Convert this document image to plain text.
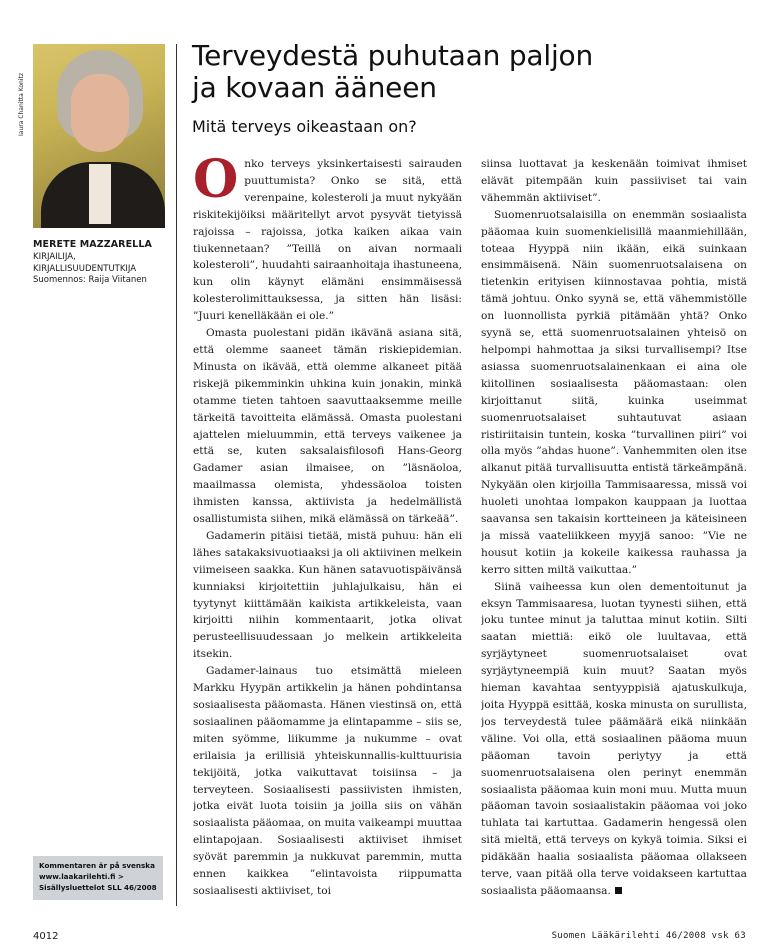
Iaura Chanitta Konitz
MERETE MAZZARELLA
KIRJAILIJA,
KIRJALLISUUDENTUTKIJA
Suomennos: Raija Viitanen
Kommentaren är på svenska
www.laakarilehti.fi >
Sisällysluettelot SLL 46/2008
Terveydestä puhutaan paljon
ja kovaan ääneen
Mitä terveys oikeastaan on?

Onko terveys yksinkertaisesti sairauden puuttumista? Onko se sitä, että verenpaine, kolesteroli ja muut nykyään riskitekijöiksi määritellyt arvot pysyvät tietyissä rajoissa – rajoissa, jotka kaiken aikaa vain tiukennetaan? ”Teillä on aivan normaali kolesteroli”, huudahti sairaanhoitaja ihastuneena, kun olin käynyt elämäni ensimmäisessä kolesterolimittauksessa, ja sitten hän lisäsi: ”Juuri kenelläkään ei ole.”

Omasta puolestani pidän ikävänä asiana sitä, että olemme saaneet tämän riskiepidemian. Minusta on ikävää, että olemme alkaneet pitää riskejä pikemminkin uhkina kuin jonakin, minkä otamme tieten tahtoen saavuttaaksemme meille tärkeitä tavoitteita elämässä. Omasta puolestani ajattelen mieluummin, että terveys vaikenee ja että se, kuten saksalaisfilosofi Hans-Georg Gadamer asian ilmaisee, on ”läsnäoloa, maailmassa olemista, yhdessäoloa toisten ihmisten kanssa, aktiivista ja hedelmällistä osallistumista siihen, mikä elämässä on tärkeää”.

Gadamerin pitäisi tietää, mistä puhuu: hän eli lähes satakaksivuotiaaksi ja oli aktiivinen melkein viimeiseen saakka. Kun hänen satavuotispäivänsä kunniaksi kirjoitettiin juhlajulkaisu, hän ei tyytynyt kiittämään kaikista artikkeleista, vaan kirjoitti niihin kommentaarit, jotka olivat perusteellisuudessaan jo melkein artikkeleita itsekin.

Gadamer-lainaus tuo etsimättä mieleen Markku Hyypän artikkelin ja hänen pohdintansa sosiaalisesta pääomasta. Hänen viestinsä on, että sosiaalinen pääomamme ja elintapamme – siis se, miten syömme, liikumme ja nukumme – ovat erilaisia ja erillisiä yhteiskunnallis-kulttuurisia tekijöitä, jotka vaikuttavat toisiinsa – ja terveyteen. Sosiaalisesti passiivisten ihmisten, jotka eivät luota toisiin ja joilla siis on vähän sosiaalista pääomaa, on muita vaikeampi muuttaa elintapojaan. Sosiaalisesti aktiiviset ihmiset syövät paremmin ja nukkuvat paremmin, mutta ennen kaikkea ”elintavoista riippumatta sosiaalisesti aktiiviset, toi

siinsa luottavat ja keskenään toimivat ihmiset elävät pitempään kuin passiiviset tai vain vähemmän aktiiviset”.

Suomenruotsalaisilla on enemmän sosiaalista pääomaa kuin suomenkielisillä maanmiehillään, toteaa Hyyppä niin ikään, eikä suinkaan ensimmäisenä. Näin suomenruotsalaisena on tietenkin erityisen kiinnostavaa pohtia, mistä tämä johtuu. Onko syynä se, että vähemmistölle on luonnollista pyrkiä pitämään yhtä? Onko syynä se, että suomenruotsalainen yhteisö on helpompi hahmottaa ja siksi turvallisempi? Itse asiassa suomenruotsalainenkaan ei aina ole kiitollinen sosiaalisesta pääomastaan: olen kirjoittanut siitä, kuinka useimmat suomenruotsalaiset suhtautuvat asiaan ristiriitaisin tuntein, koska ”turvallinen piiri” voi olla myös ”ahdas huone”. Vanhemmiten olen itse alkanut pitää turvallisuutta entistä tärkeämpänä. Nykyään olen kirjoilla Tammisaaressa, missä voi huoleti unohtaa lompakon kauppaan ja luottaa saavansa sen takaisin kortteineen ja käteisineen ja missä vaateliikkeen myyjä sanoo: ”Vie ne housut kotiin ja kokeile kaikessa rauhassa ja kerro sitten miltä vaikuttaa.”

Siinä vaiheessa kun olen dementoitunut ja eksyn Tammisaaresa, luotan tyynesti siihen, että joku tuntee minut ja taluttaa minut kotiin. Silti saatan miettiä: eikö ole luultavaa, että syrjäytyneet suomenruotsalaiset ovat syrjäytyneempiä kuin muut? Saatan myös hieman kavahtaa sentyyppisiä ajatuskulkuja, joita Hyyppä esittää, koska minusta on surullista, jos terveydestä tulee päämäärä eikä niinkään väline. Voi olla, että sosiaalinen pääoma muun pääoman tavoin periytyy ja että suomenruotsalaisena olen perinyt enemmän sosiaalista pääomaa kuin moni muu. Mutta muun pääoman tavoin sosiaalistakin pääomaa voi joko tuhlata tai kartuttaa. Gadamerin hengessä olen sitä mieltä, että terveys on kykyä toimia. Siksi ei pidäkään haalia sosiaalista pääomaa ollakseen terve, vaan pitää olla terve voidakseen kartuttaa sosiaalista pääomaansa.

4012	Suomen Lääkärilehti 46/2008 vsk 63
